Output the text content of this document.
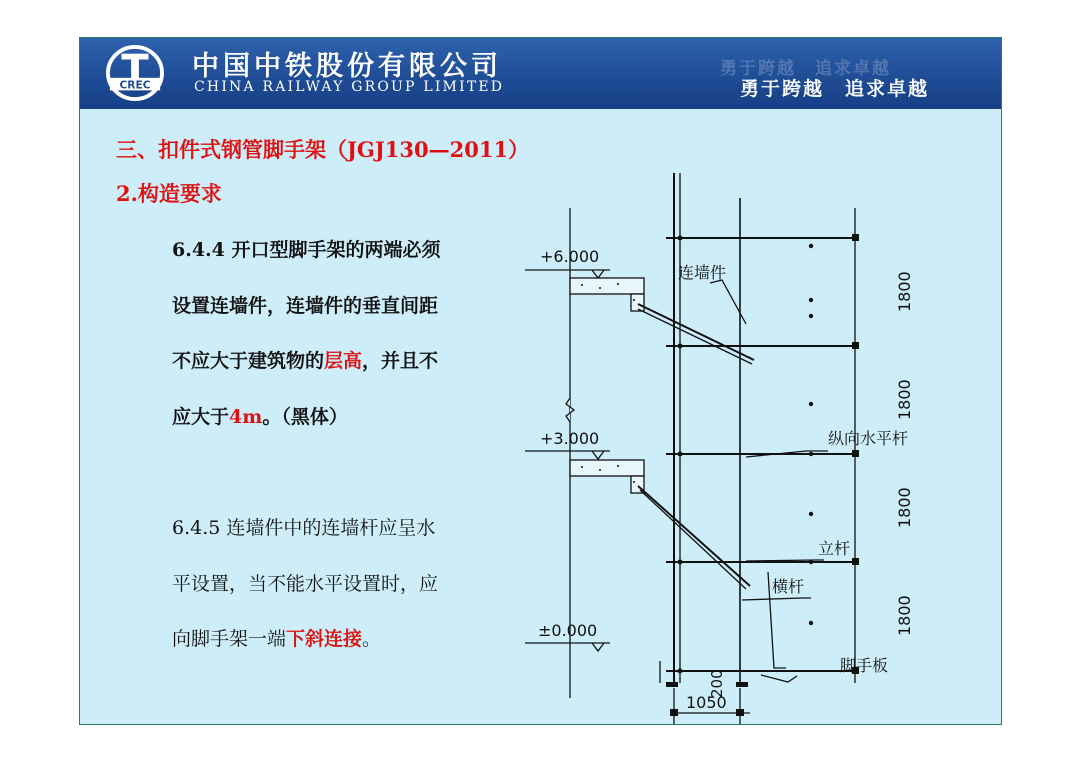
CREC
中国中铁股份有限公司
CHINA RAILWAY GROUP LIMITED
勇于跨越　追求卓越
勇于跨越　追求卓越
三、扣件式钢管脚手架（JGJ130—2011）
2.构造要求
6.4.4 开口型脚手架的两端必须设置连墙件，连墙件的垂直间距不应大于建筑物的层高，并且不应大于4m。（黑体）
6.4.5 连墙件中的连墙杆应呈水平设置，当不能水平设置时，应向脚手架一端下斜连接。
+6.000
+3.000
±0.000
连墙件
纵向水平杆
立杆
横杆
脚手板
1800
1800
1800
1800
200
1050
